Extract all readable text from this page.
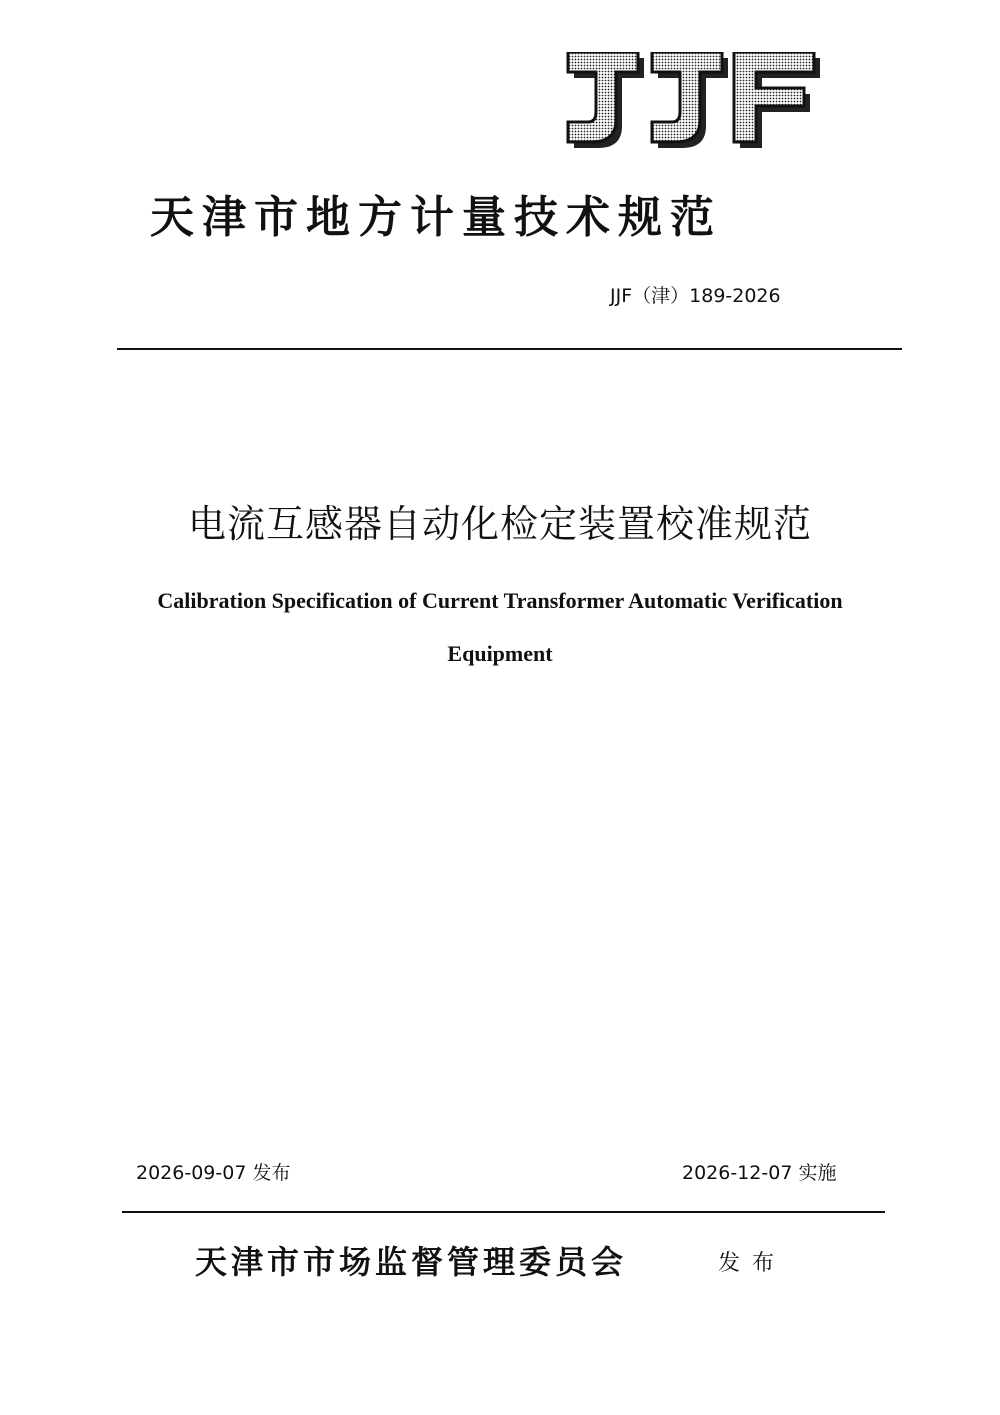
天津市地方计量技术规范
JJF（津）189-2026
电流互感器自动化检定装置校准规范
Calibration Specification of Current Transformer Automatic Verification
Equipment
2026-09-07 发布	2026-12-07 实施
天津市市场监督管理委员会	发布
